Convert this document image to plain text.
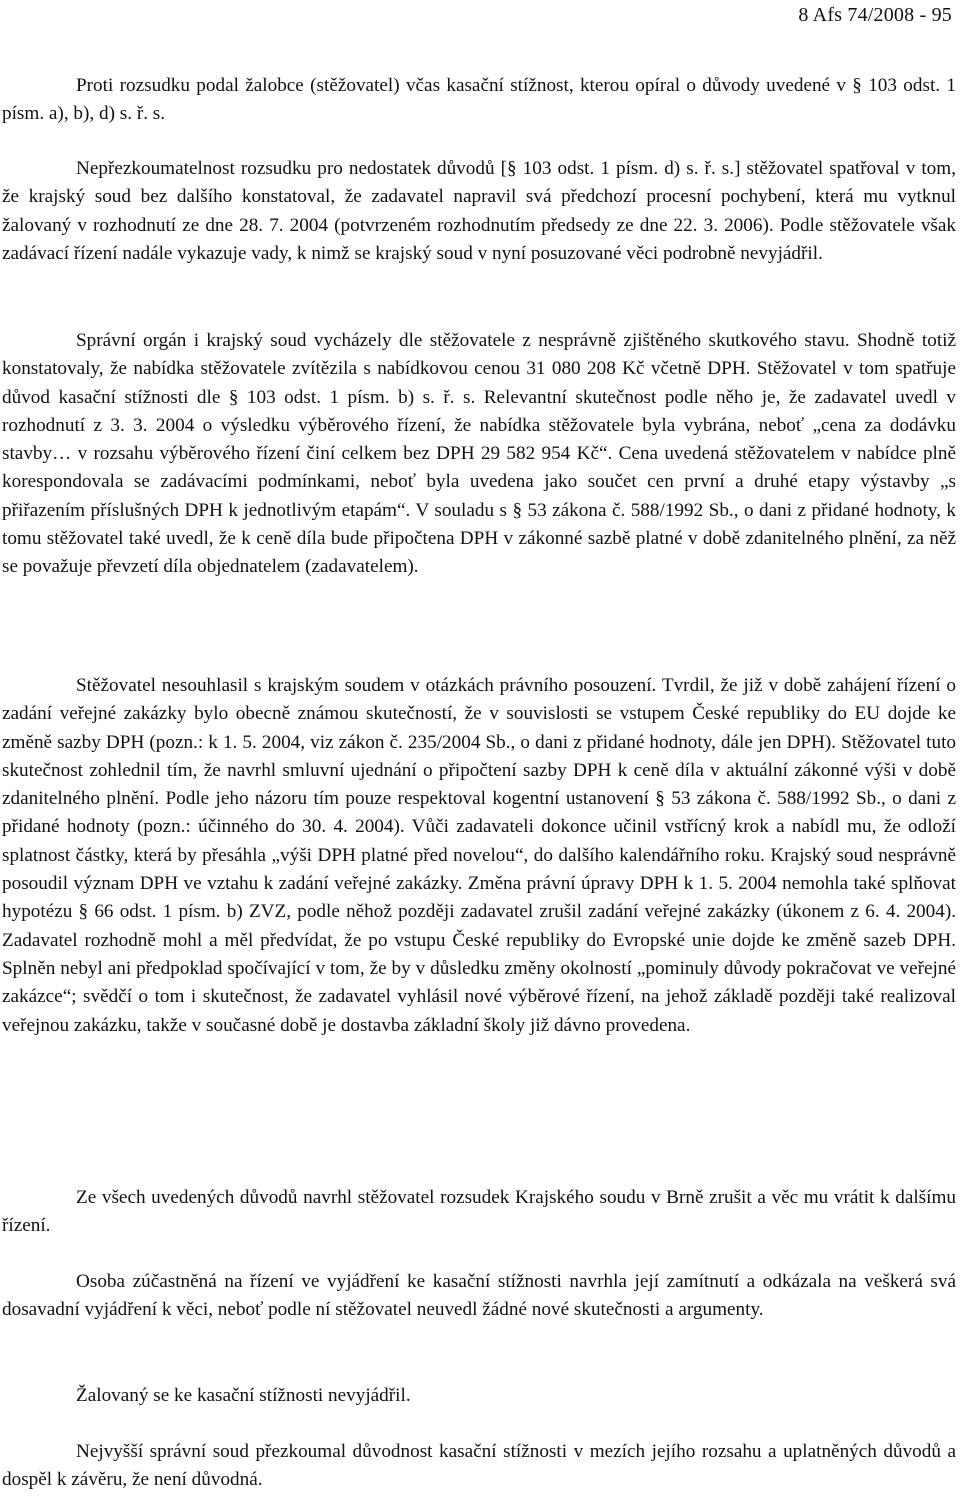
8 Afs 74/2008 - 95

Proti rozsudku podal žalobce (stěžovatel) včas kasační stížnost, kterou opíral o důvody uvedené v § 103 odst. 1 písm. a), b), d) s. ř. s.

Nepřezkoumatelnost rozsudku pro nedostatek důvodů [§ 103 odst. 1 písm. d) s. ř. s.] stěžovatel spatřoval v tom, že krajský soud bez dalšího konstatoval, že zadavatel napravil svá předchozí procesní pochybení, která mu vytknul žalovaný v rozhodnutí ze dne 28. 7. 2004 (potvrzeném rozhodnutím předsedy ze dne 22. 3. 2006). Podle stěžovatele však zadávací řízení nadále vykazuje vady, k nimž se krajský soud v nyní posuzované věci podrobně nevyjádřil.

Správní orgán i krajský soud vycházely dle stěžovatele z nesprávně zjištěného skutkového stavu. Shodně totiž konstatovaly, že nabídka stěžovatele zvítězila s nabídkovou cenou 31 080 208 Kč včetně DPH. Stěžovatel v tom spatřuje důvod kasační stížnosti dle § 103 odst. 1 písm. b) s. ř. s. Relevantní skutečnost podle něho je, že zadavatel uvedl v rozhodnutí z 3. 3. 2004 o výsledku výběrového řízení, že nabídka stěžovatele byla vybrána, neboť „cena za dodávku stavby… v rozsahu výběrového řízení činí celkem bez DPH 29 582 954 Kč“. Cena uvedená stěžovatelem v nabídce plně korespondovala se zadávacími podmínkami, neboť byla uvedena jako součet cen první a druhé etapy výstavby „s přiřazením příslušných DPH k jednotlivým etapám“. V souladu s § 53 zákona č. 588/1992 Sb., o dani z přidané hodnoty, k tomu stěžovatel také uvedl, že k ceně díla bude připočtena DPH v zákonné sazbě platné v době zdanitelného plnění, za něž se považuje převzetí díla objednatelem (zadavatelem).

Stěžovatel nesouhlasil s krajským soudem v otázkách právního posouzení. Tvrdil, že již v době zahájení řízení o zadání veřejné zakázky bylo obecně známou skutečností, že v souvislosti se vstupem České republiky do EU dojde ke změně sazby DPH (pozn.: k 1. 5. 2004, viz zákon č. 235/2004 Sb., o dani z přidané hodnoty, dále jen DPH). Stěžovatel tuto skutečnost zohlednil tím, že navrhl smluvní ujednání o připočtení sazby DPH k ceně díla v aktuální zákonné výši v době zdanitelného plnění. Podle jeho názoru tím pouze respektoval kogentní ustanovení § 53 zákona č. 588/1992 Sb., o dani z přidané hodnoty (pozn.: účinného do 30. 4. 2004). Vůči zadavateli dokonce učinil vstřícný krok a nabídl mu, že odloží splatnost částky, která by přesáhla „výši DPH platné před novelou“, do dalšího kalendářního roku. Krajský soud nesprávně posoudil význam DPH ve vztahu k zadání veřejné zakázky. Změna právní úpravy DPH k 1. 5. 2004 nemohla také splňovat hypotézu § 66 odst. 1 písm. b) ZVZ, podle něhož později zadavatel zrušil zadání veřejné zakázky (úkonem z 6. 4. 2004). Zadavatel rozhodně mohl a měl předvídat, že po vstupu České republiky do Evropské unie dojde ke změně sazeb DPH. Splněn nebyl ani předpoklad spočívající v tom, že by v důsledku změny okolností „pominuly důvody pokračovat ve veřejné zakázce“; svědčí o tom i skutečnost, že zadavatel vyhlásil nové výběrové řízení, na jehož základě později také realizoval veřejnou zakázku, takže v současné době je dostavba základní školy již dávno provedena.

Ze všech uvedených důvodů navrhl stěžovatel rozsudek Krajského soudu v Brně zrušit a věc mu vrátit k dalšímu řízení.

Osoba zúčastněná na řízení ve vyjádření ke kasační stížnosti navrhla její zamítnutí a odkázala na veškerá svá dosavadní vyjádření k věci, neboť podle ní stěžovatel neuvedl žádné nové skutečnosti a argumenty.

Žalovaný se ke kasační stížnosti nevyjádřil.

Nejvyšší správní soud přezkoumal důvodnost kasační stížnosti v mezích jejího rozsahu a uplatněných důvodů a dospěl k závěru, že není důvodná.
